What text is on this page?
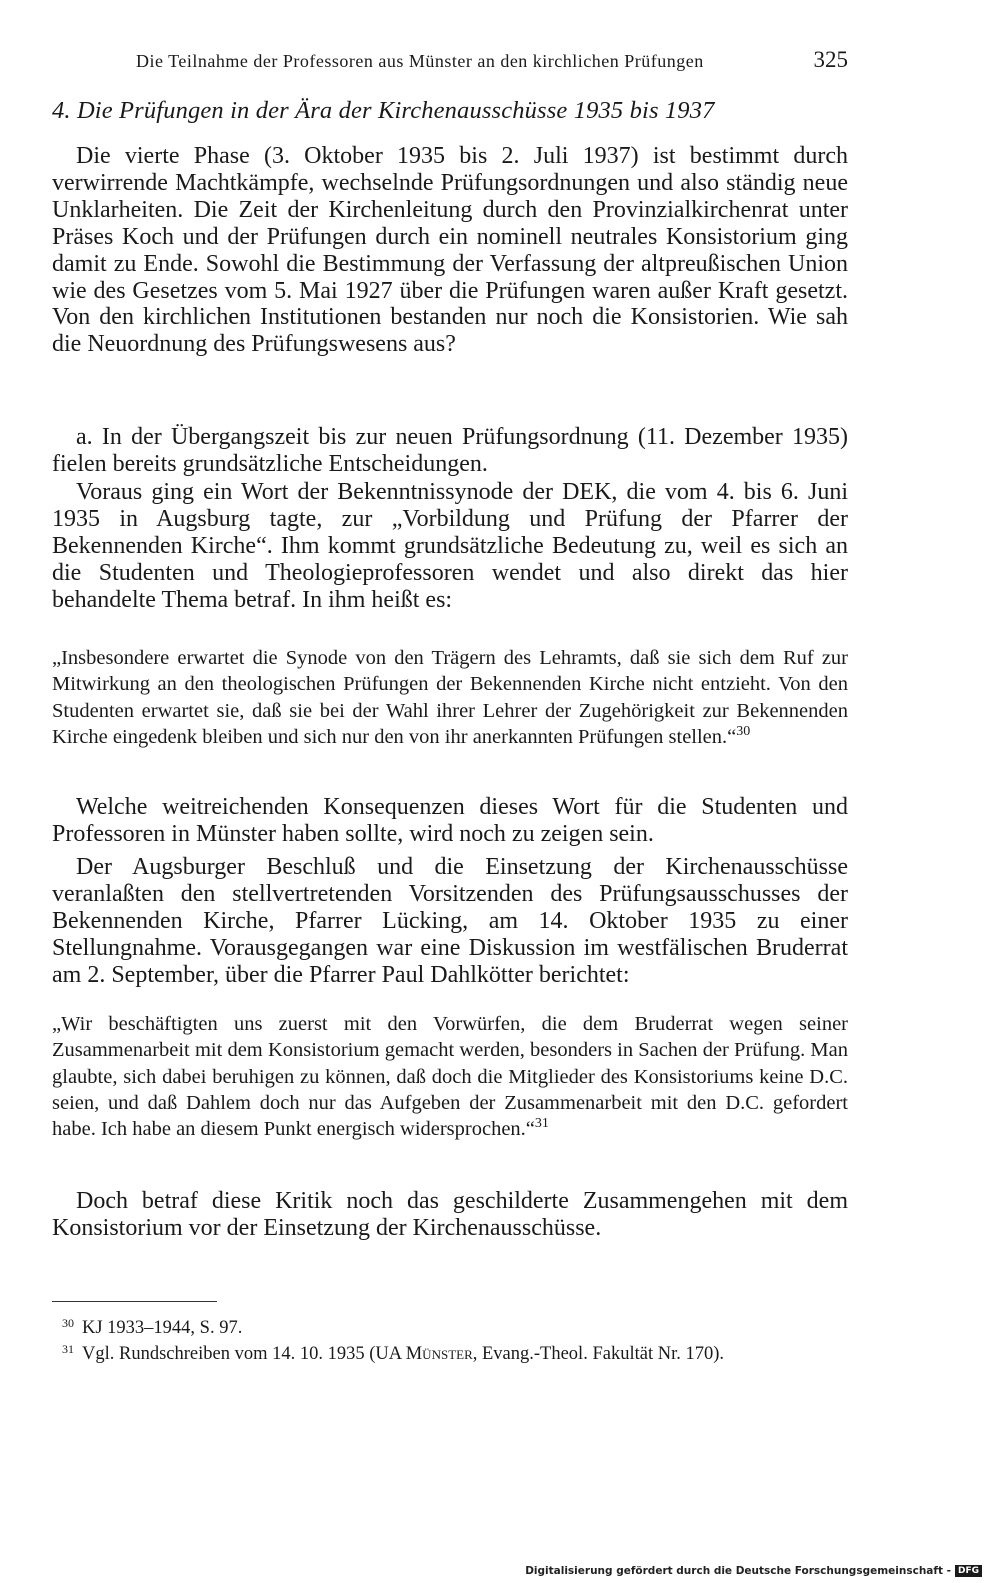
Die Teilnahme der Professoren aus Münster an den kirchlichen Prüfungen	325
4. Die Prüfungen in der Ära der Kirchenausschüsse 1935 bis 1937

Die vierte Phase (3. Oktober 1935 bis 2. Juli 1937) ist bestimmt durch verwirrende Machtkämpfe, wechselnde Prüfungsordnungen und also ständig neue Unklarheiten. Die Zeit der Kirchenleitung durch den Provinzialkirchenrat unter Präses Koch und der Prüfungen durch ein nominell neutrales Konsistorium ging damit zu Ende. Sowohl die Bestimmung der Verfassung der altpreußischen Union wie des Gesetzes vom 5. Mai 1927 über die Prüfungen waren außer Kraft gesetzt. Von den kirchlichen Institutionen bestanden nur noch die Konsistorien. Wie sah die Neuordnung des Prüfungswesens aus?

a. In der Übergangszeit bis zur neuen Prüfungsordnung (11. Dezember 1935) fielen bereits grundsätzliche Entscheidungen.

Voraus ging ein Wort der Bekenntnissynode der DEK, die vom 4. bis 6. Juni 1935 in Augsburg tagte, zur „Vorbildung und Prüfung der Pfarrer der Bekennenden Kirche“. Ihm kommt grundsätzliche Bedeutung zu, weil es sich an die Studenten und Theologieprofessoren wendet und also direkt das hier behandelte Thema betraf. In ihm heißt es:

„Insbesondere erwartet die Synode von den Trägern des Lehramts, daß sie sich dem Ruf zur Mitwirkung an den theologischen Prüfungen der Bekennenden Kirche nicht entzieht. Von den Studenten erwartet sie, daß sie bei der Wahl ihrer Lehrer der Zugehörigkeit zur Bekennenden Kirche eingedenk bleiben und sich nur den von ihr anerkannten Prüfungen stellen.“$^{30}$

Welche weitreichenden Konsequenzen dieses Wort für die Studenten und Professoren in Münster haben sollte, wird noch zu zeigen sein.

Der Augsburger Beschluß und die Einsetzung der Kirchenausschüsse veranlaßten den stellvertretenden Vorsitzenden des Prüfungsausschusses der Bekennenden Kirche, Pfarrer Lücking, am 14. Oktober 1935 zu einer Stellungnahme. Vorausgegangen war eine Diskussion im westfälischen Bruderrat am 2. September, über die Pfarrer Paul Dahlkötter berichtet:

„Wir beschäftigten uns zuerst mit den Vorwürfen, die dem Bruderrat wegen seiner Zusammenarbeit mit dem Konsistorium gemacht werden, besonders in Sachen der Prüfung. Man glaubte, sich dabei beruhigen zu können, daß doch die Mitglieder des Konsistoriums keine D.C. seien, und daß Dahlem doch nur das Aufgeben der Zusammenarbeit mit den D.C. gefordert habe. Ich habe an diesem Punkt energisch widersprochen.“$^{31}$

Doch betraf diese Kritik noch das geschilderte Zusammengehen mit dem Konsistorium vor der Einsetzung der Kirchenausschüsse.

$^{30}$ KJ 1933–1944, S. 97.
$^{31}$ Vgl. Rundschreiben vom 14. 10. 1935 (UA Münster, Evang.-Theol. Fakultät Nr. 170).
Digitalisierung gefördert durch die Deutsche Forschungsgemeinschaft - DFG
